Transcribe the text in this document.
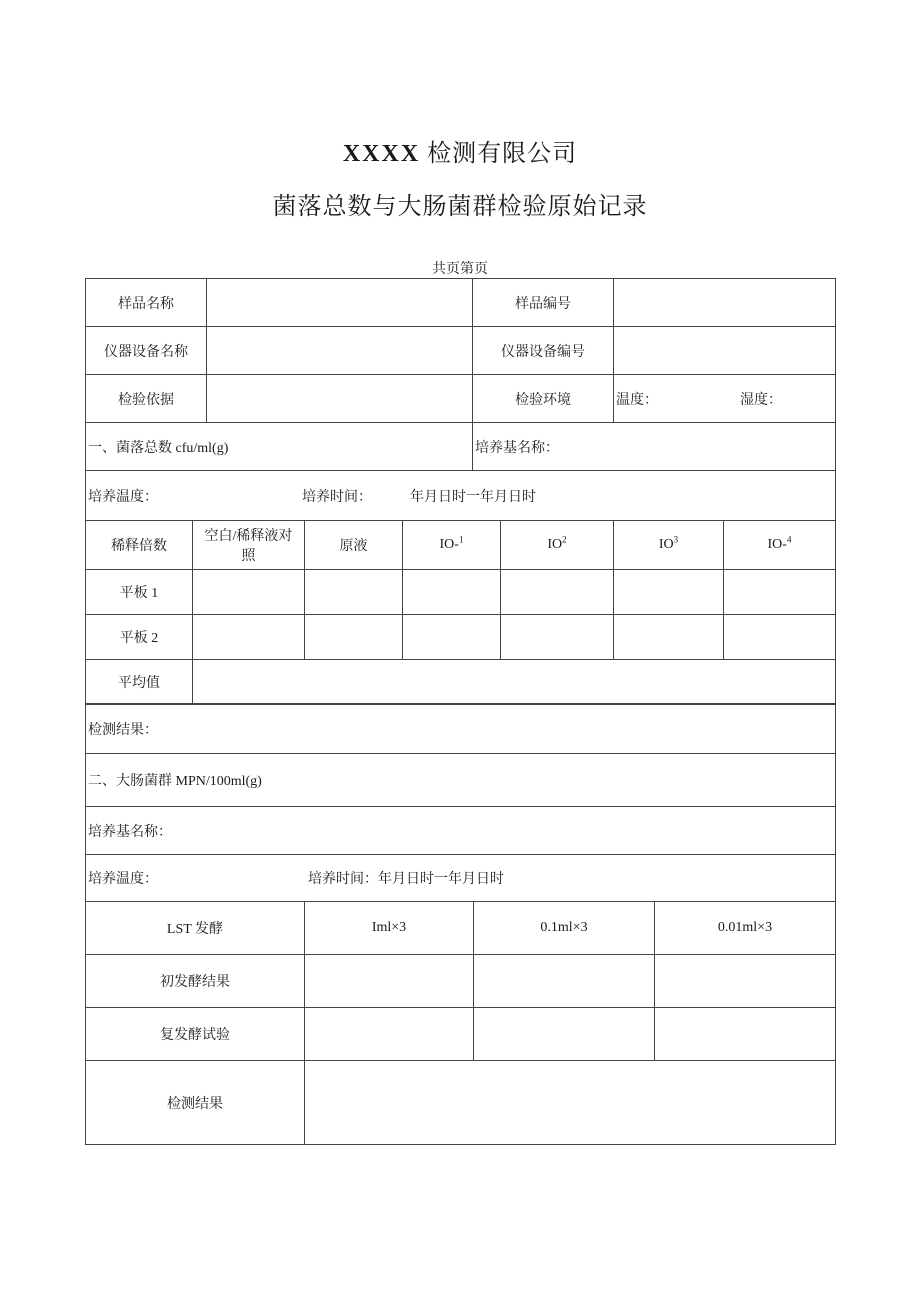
XXXX 检测有限公司
菌落总数与大肠菌群检验原始记录
共页第页
样品名称		样品编号	
仪器设备名称		仪器设备编号	
检验依据		检验环境	温度： 湿度：
一、菌落总数 cfu/ml(g)		培养基名称：	
培养温度： 培养时间： 年月日时一年月日时			
稀释倍数	空白/稀释液对照	原液	IO-$^1$	$IO^2$	$IO^3$	IO-$^4$
平板 1						
平板 2						
平均值						
检测结果：
二、大肠菌群 MPN/100ml(g)
培养基名称：
培养温度：	培养时间：年月日时一年月日时
LST 发酵	Iml×3	0.1ml×3	0.01ml×3
初发酵结果			
复发酵试验			
检测结果			
